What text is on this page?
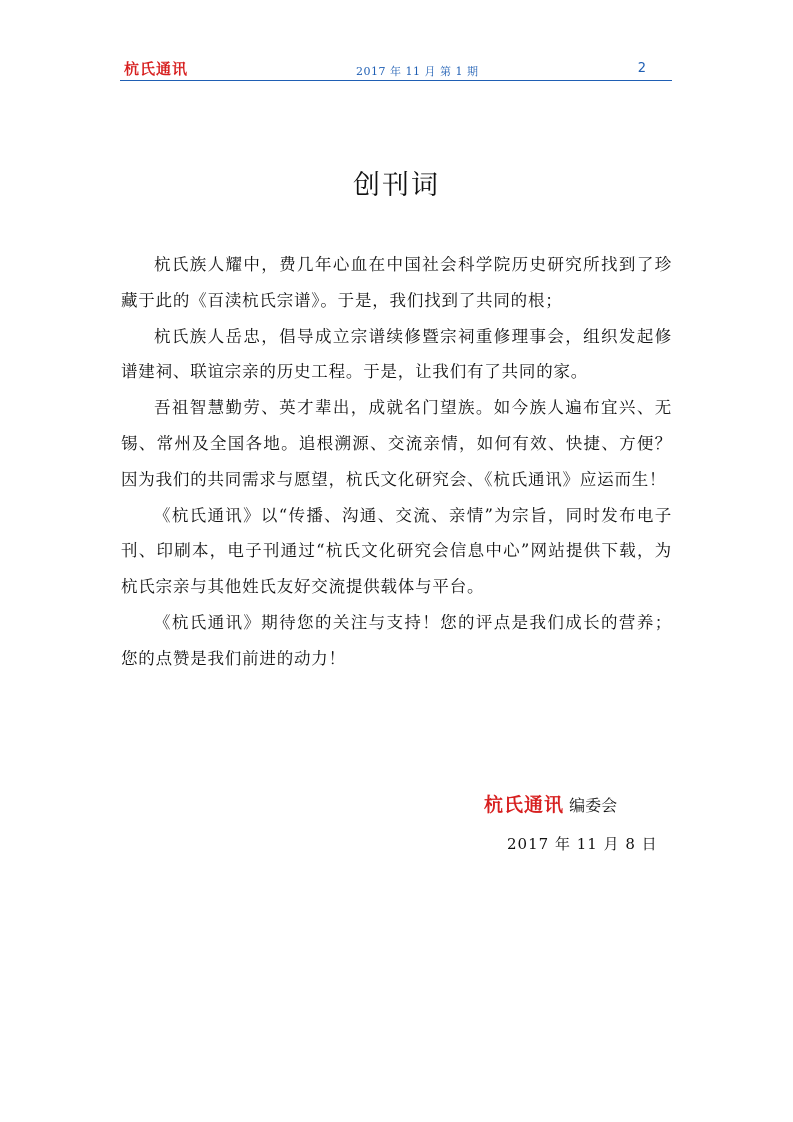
杭氏通讯	2017 年 11 月 第 1 期	2
创刊词

杭氏族人耀中，费几年心血在中国社会科学院历史研究所找到了珍藏于此的《百渎杭氏宗谱》。于是，我们找到了共同的根；

杭氏族人岳忠，倡导成立宗谱续修暨宗祠重修理事会，组织发起修谱建祠、联谊宗亲的历史工程。于是，让我们有了共同的家。

吾祖智慧勤劳、英才辈出，成就名门望族。如今族人遍布宜兴、无锡、常州及全国各地。追根溯源、交流亲情，如何有效、快捷、方便？因为我们的共同需求与愿望，杭氏文化研究会、《杭氏通讯》应运而生！

《杭氏通讯》以“传播、沟通、交流、亲情”为宗旨，同时发布电子刊、印刷本，电子刊通过“杭氏文化研究会信息中心”网站提供下载，为杭氏宗亲与其他姓氏友好交流提供载体与平台。

《杭氏通讯》期待您的关注与支持！您的评点是我们成长的营养；您的点赞是我们前进的动力！

杭氏通讯 编委会
2017 年 11 月 8 日
